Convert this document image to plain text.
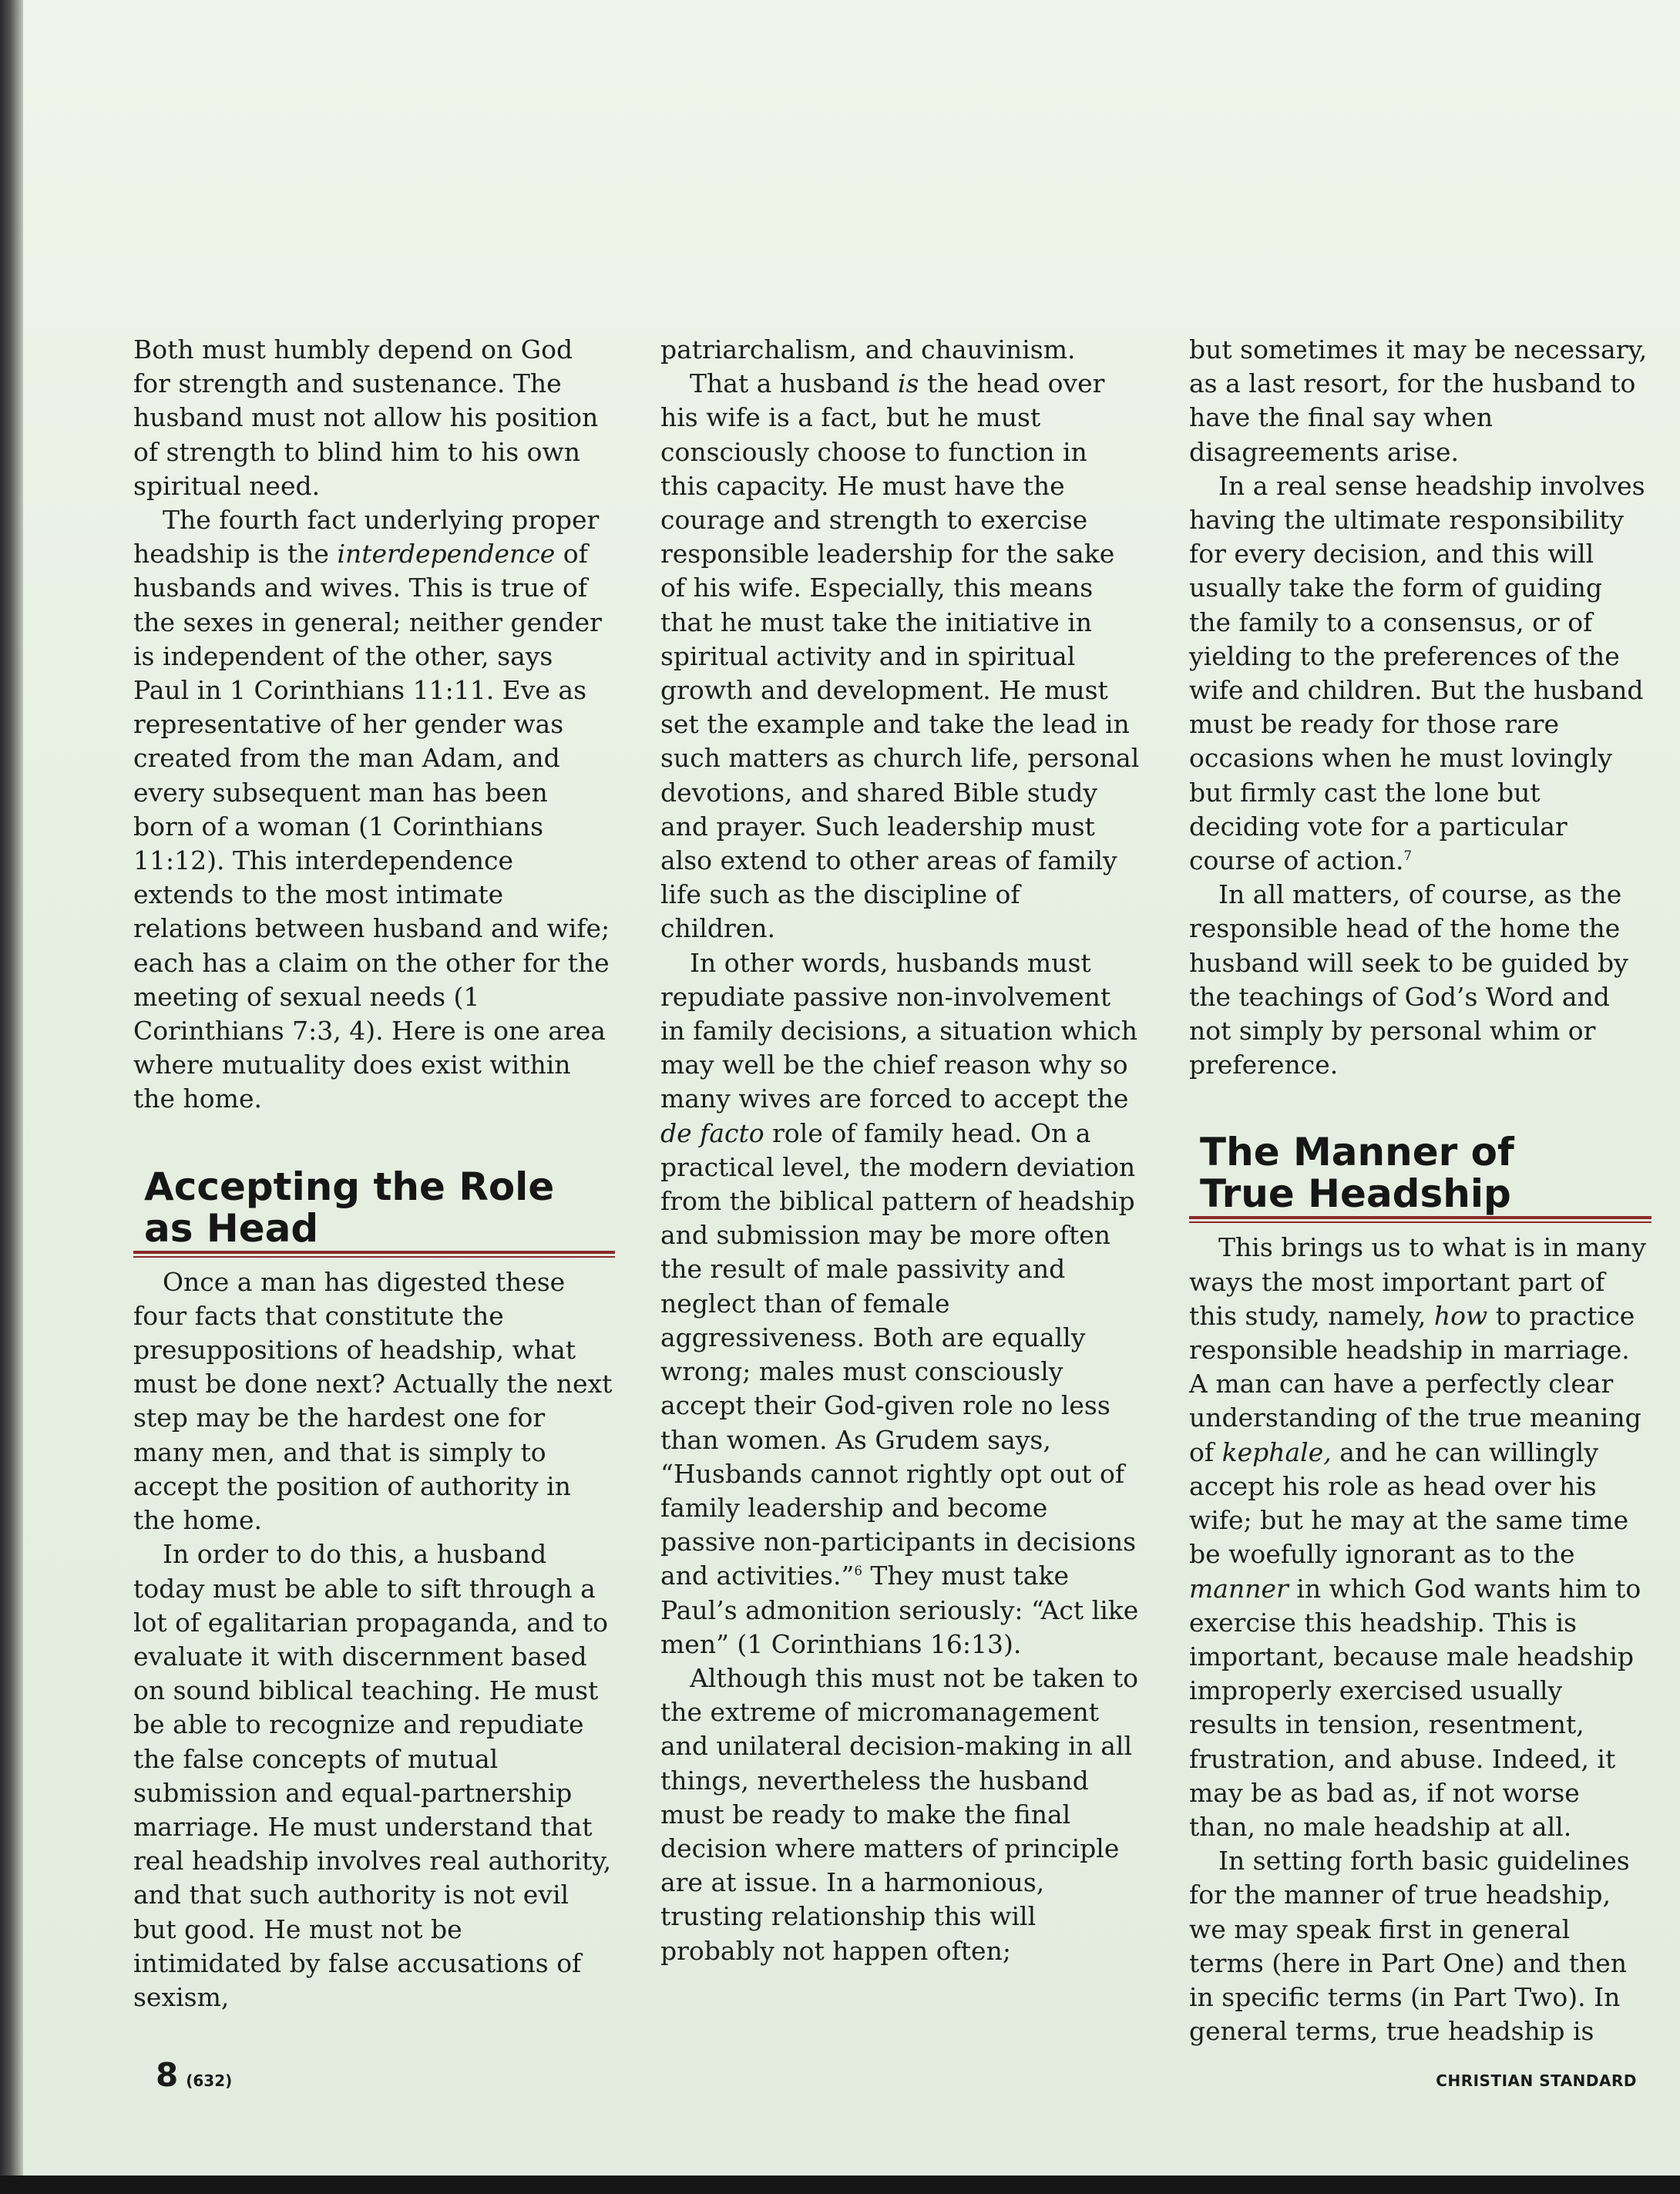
Both must humbly depend on God for strength and sustenance. The husband must not allow his position of strength to blind him to his own spiritual need.

The fourth fact underlying proper headship is the interdependence of husbands and wives. This is true of the sexes in general; neither gender is independent of the other, says Paul in 1 Corinthians 11:11. Eve as representative of her gender was created from the man Adam, and every subsequent man has been born of a woman (1 Corinthians 11:12). This interdependence extends to the most intimate relations between husband and wife; each has a claim on the other for the meeting of sexual needs (1 Corinthians 7:3, 4). Here is one area where mutuality does exist within the home.

Accepting the Role
as Head

Once a man has digested these four facts that constitute the presuppositions of headship, what must be done next? Actually the next step may be the hardest one for many men, and that is simply to accept the position of authority in the home.

In order to do this, a husband today must be able to sift through a lot of egalitarian propaganda, and to evaluate it with discernment based on sound biblical teaching. He must be able to recognize and repudiate the false concepts of mutual submission and equal-partnership marriage. He must understand that real headship involves real authority, and that such authority is not evil but good. He must not be intimidated by false accusations of sexism,

patriarchalism, and chauvinism.

That a husband is the head over his wife is a fact, but he must consciously choose to function in this capacity. He must have the courage and strength to exercise responsible leadership for the sake of his wife. Especially, this means that he must take the initiative in spiritual activity and in spiritual growth and development. He must set the example and take the lead in such matters as church life, personal devotions, and shared Bible study and prayer. Such leadership must also extend to other areas of family life such as the discipline of children.

In other words, husbands must repudiate passive non-involvement in family decisions, a situation which may well be the chief reason why so many wives are forced to accept the de facto role of family head. On a practical level, the modern deviation from the biblical pattern of headship and submission may be more often the result of male passivity and neglect than of female aggressiveness. Both are equally wrong; males must consciously accept their God-given role no less than women. As Grudem says, “Husbands cannot rightly opt out of family leadership and become passive non-participants in decisions and activities.”$^6$ They must take Paul’s admonition seriously: “Act like men” (1 Corinthians 16:13).

Although this must not be taken to the extreme of micromanagement and unilateral decision-making in all things, nevertheless the husband must be ready to make the final decision where matters of principle are at issue. In a harmonious, trusting relationship this will probably not happen often;

but sometimes it may be necessary, as a last resort, for the husband to have the final say when disagreements arise.

In a real sense headship involves having the ultimate responsibility for every decision, and this will usually take the form of guiding the family to a consensus, or of yielding to the preferences of the wife and children. But the husband must be ready for those rare occasions when he must lovingly but firmly cast the lone but deciding vote for a particular course of action.$^7$

In all matters, of course, as the responsible head of the home the husband will seek to be guided by the teachings of God’s Word and not simply by personal whim or preference.

The Manner of
True Headship

This brings us to what is in many ways the most important part of this study, namely, how to practice responsible headship in marriage. A man can have a perfectly clear understanding of the true meaning of kephale, and he can willingly accept his role as head over his wife; but he may at the same time be woefully ignorant as to the manner in which God wants him to exercise this headship. This is important, because male headship improperly exercised usually results in tension, resentment, frustration, and abuse. Indeed, it may be as bad as, if not worse than, no male headship at all.

In setting forth basic guidelines for the manner of true headship, we may speak first in general terms (here in Part One) and then in specific terms (in Part Two). In general terms, true headship is

8 (632)	CHRISTIAN STANDARD
